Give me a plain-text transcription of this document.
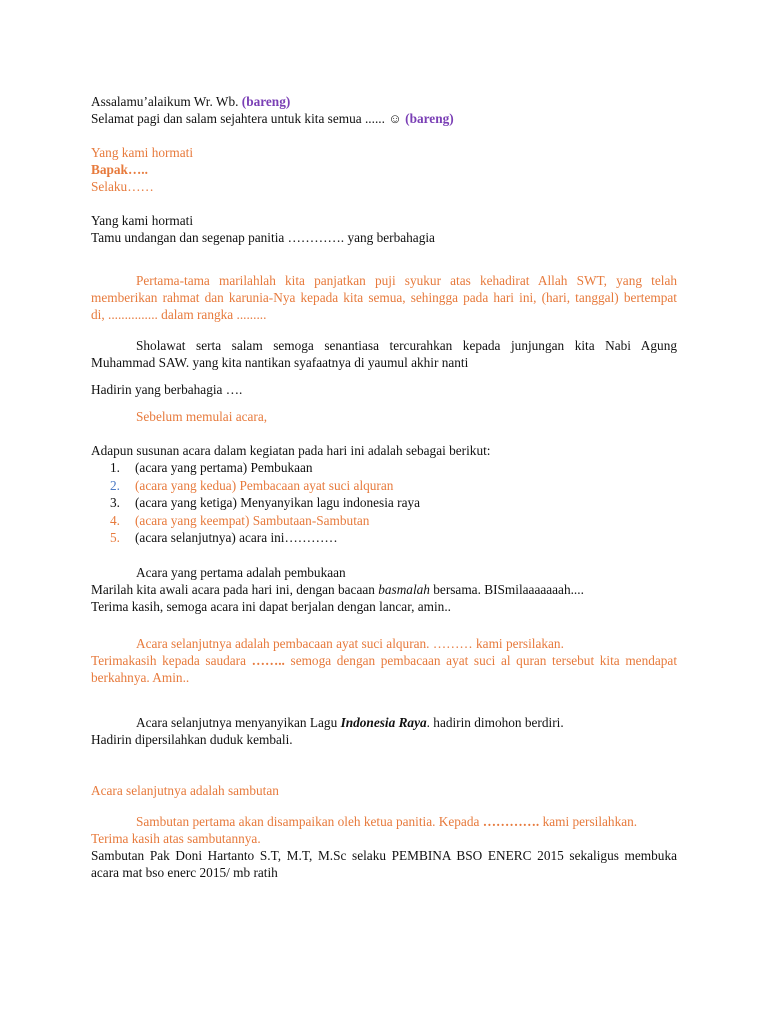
Assalamu’alaikum Wr. Wb. (bareng)
Selamat pagi dan salam sejahtera untuk kita semua ...... ☺ (bareng)
Yang kami hormati
Bapak…..
Selaku……
Yang kami hormati
Tamu undangan dan segenap panitia …………. yang berbahagia
Pertama-tama marilahlah kita panjatkan puji syukur atas kehadirat Allah SWT, yang telah
memberikan rahmat dan karunia-Nya kepada kita semua, sehingga pada hari ini, (hari, tanggal) bertempat
di, ............... dalam rangka .........
Sholawat serta salam semoga senantiasa tercurahkan kepada junjungan kita Nabi Agung
Muhammad SAW. yang kita nantikan syafaatnya di yaumul akhir nanti
Hadirin yang berbahagia ….
Sebelum memulai acara,
Adapun susunan acara dalam kegiatan pada hari ini adalah sebagai berikut:
1. (acara yang pertama) Pembukaan
2. (acara yang kedua) Pembacaan ayat suci alquran
3. (acara yang ketiga) Menyanyikan lagu indonesia raya
4. (acara yang keempat) Sambutaan-Sambutan
5. (acara selanjutnya) acara ini…………
Acara yang pertama adalah pembukaan
Marilah kita awali acara pada hari ini, dengan bacaan basmalah bersama. BISmilaaaaaaah....
Terima kasih, semoga acara ini dapat berjalan dengan lancar, amin..
Acara selanjutnya adalah pembacaan ayat suci alquran. ……… kami persilakan.
Terimakasih kepada saudara …….. semoga dengan pembacaan ayat suci al quran tersebut kita mendapat
berkahnya. Amin..
Acara selanjutnya menyanyikan Lagu Indonesia Raya. hadirin dimohon berdiri.
Hadirin dipersilahkan duduk kembali.
Acara selanjutnya adalah sambutan
Sambutan pertama akan disampaikan oleh ketua panitia. Kepada …………. kami persilahkan.
Terima kasih atas sambutannya.
Sambutan Pak Doni Hartanto S.T, M.T, M.Sc selaku PEMBINA BSO ENERC 2015 sekaligus membuka
acara mat bso enerc 2015/ mb ratih
